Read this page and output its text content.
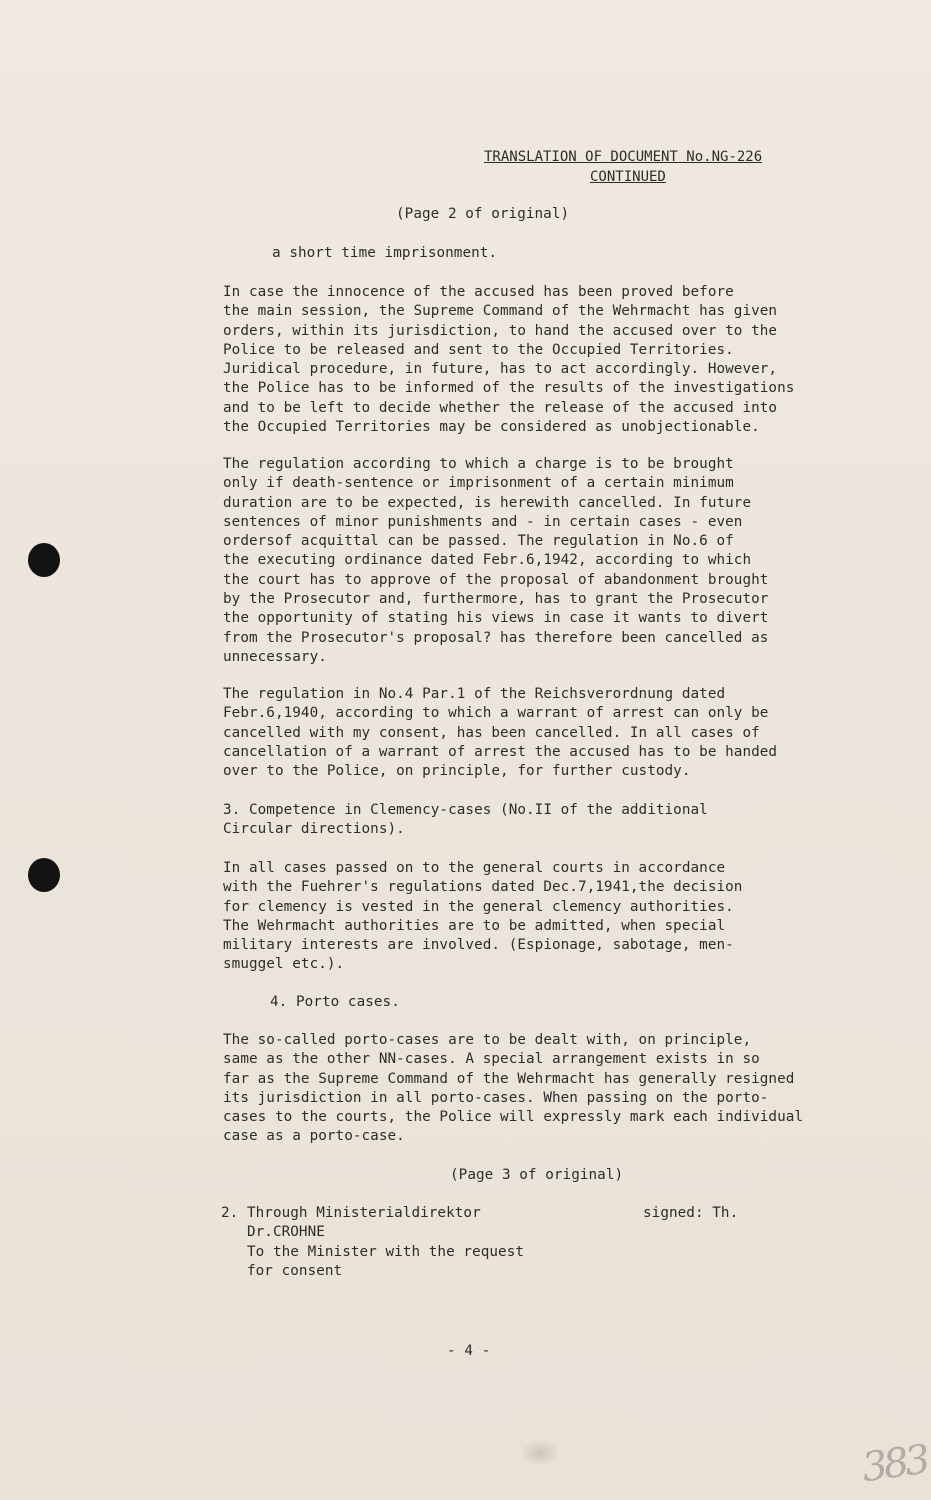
TRANSLATION OF DOCUMENT No.NG-226
CONTINUED
(Page 2 of original)
a short time imprisonment.
In case the innocence of the accused has been proved before
the main session, the Supreme Command of the Wehrmacht has given
orders, within its jurisdiction, to hand the accused over to the
Police to be released and sent to the Occupied Territories.
Juridical procedure, in future, has to act accordingly. However,
the Police has to be informed of the results of the investigations
and to be left to decide whether the release of the accused into
the Occupied Territories may be considered as unobjectionable.
The regulation according to which a charge is to be brought
only if death-sentence or imprisonment of a certain minimum
duration are to be expected, is herewith cancelled. In future
sentences of minor punishments and - in certain cases - even
ordersof acquittal can be passed. The regulation in No.6 of
the executing ordinance dated Febr.6,1942, according to which
the court has to approve of the proposal of abandonment brought
by the Prosecutor and, furthermore, has to grant the Prosecutor
the opportunity of stating his views in case it wants to divert
from the Prosecutor's proposal? has therefore been cancelled as
unnecessary.
The regulation in No.4 Par.1 of the Reichsverordnung dated
Febr.6,1940, according to which a warrant of arrest can only be
cancelled with my consent, has been cancelled. In all cases of
cancellation of a warrant of arrest the accused has to be handed
over to the Police, on principle, for further custody.
3. Competence in Clemency-cases (No.II of the additional
Circular directions).
In all cases passed on to the general courts in accordance
with the Fuehrer's regulations dated Dec.7,1941,the decision
for clemency is vested in the general clemency authorities.
The Wehrmacht authorities are to be admitted, when special
military interests are involved. (Espionage, sabotage, men-
smuggel etc.).
4. Porto cases.
The so-called porto-cases are to be dealt with, on principle,
same as the other NN-cases. A special arrangement exists in so
far as the Supreme Command of the Wehrmacht has generally resigned
its jurisdiction in all porto-cases. When passing on the porto-
cases to the courts, the Police will expressly mark each individual
case as a porto-case.
(Page 3 of original)
2. Through Ministerialdirektor
Dr.CROHNE
To the Minister with the request
for consent
signed: Th.
- 4 -
383
